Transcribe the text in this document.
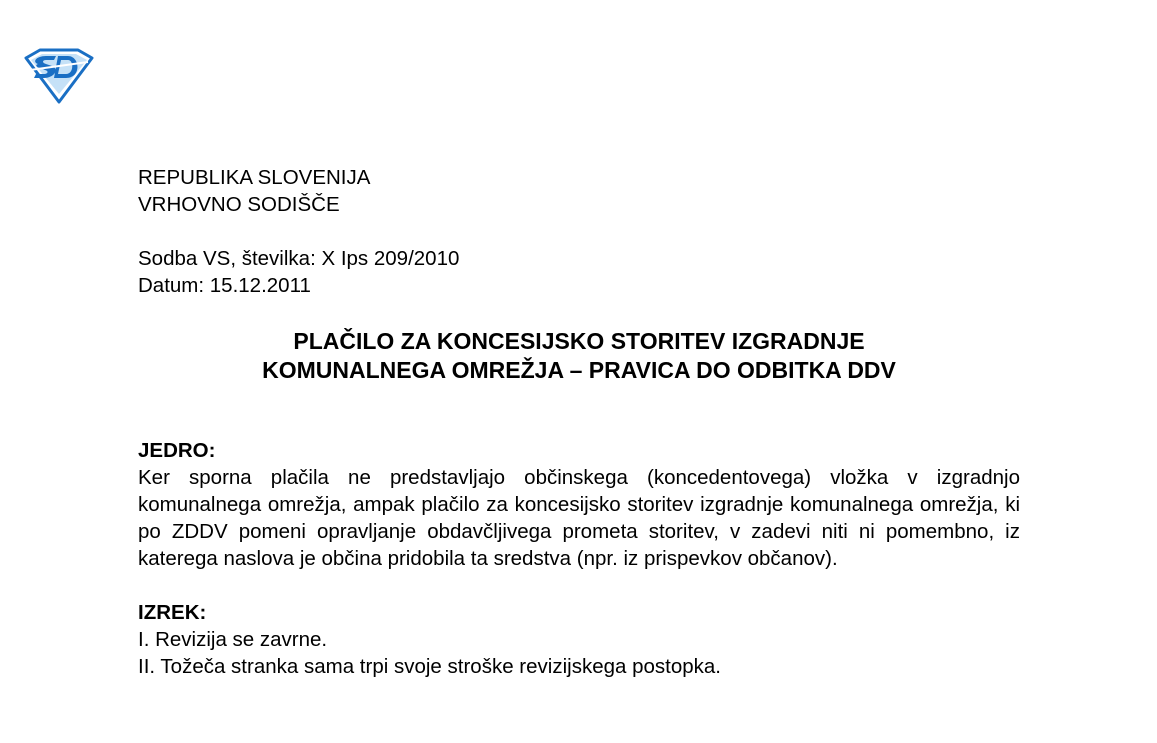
REPUBLIKA SLOVENIJA
VRHOVNO SODIŠČE
Sodba VS, številka: X Ips 209/2010
Datum: 15.12.2011
PLAČILO ZA KONCESIJSKO STORITEV IZGRADNJE
KOMUNALNEGA OMREŽJA – PRAVICA DO ODBITKA DDV
JEDRO:
Ker sporna plačila ne predstavljajo občinskega (koncedentovega) vložka v izgradnjo komunalnega omrežja, ampak plačilo za koncesijsko storitev izgradnje komunalnega omrežja, ki po ZDDV pomeni opravljanje obdavčljivega prometa storitev, v zadevi niti ni pomembno, iz katerega naslova je občina pridobila ta sredstva (npr. iz prispevkov občanov).
IZREK:
I. Revizija se zavrne.
II. Tožeča stranka sama trpi svoje stroške revizijskega postopka.
